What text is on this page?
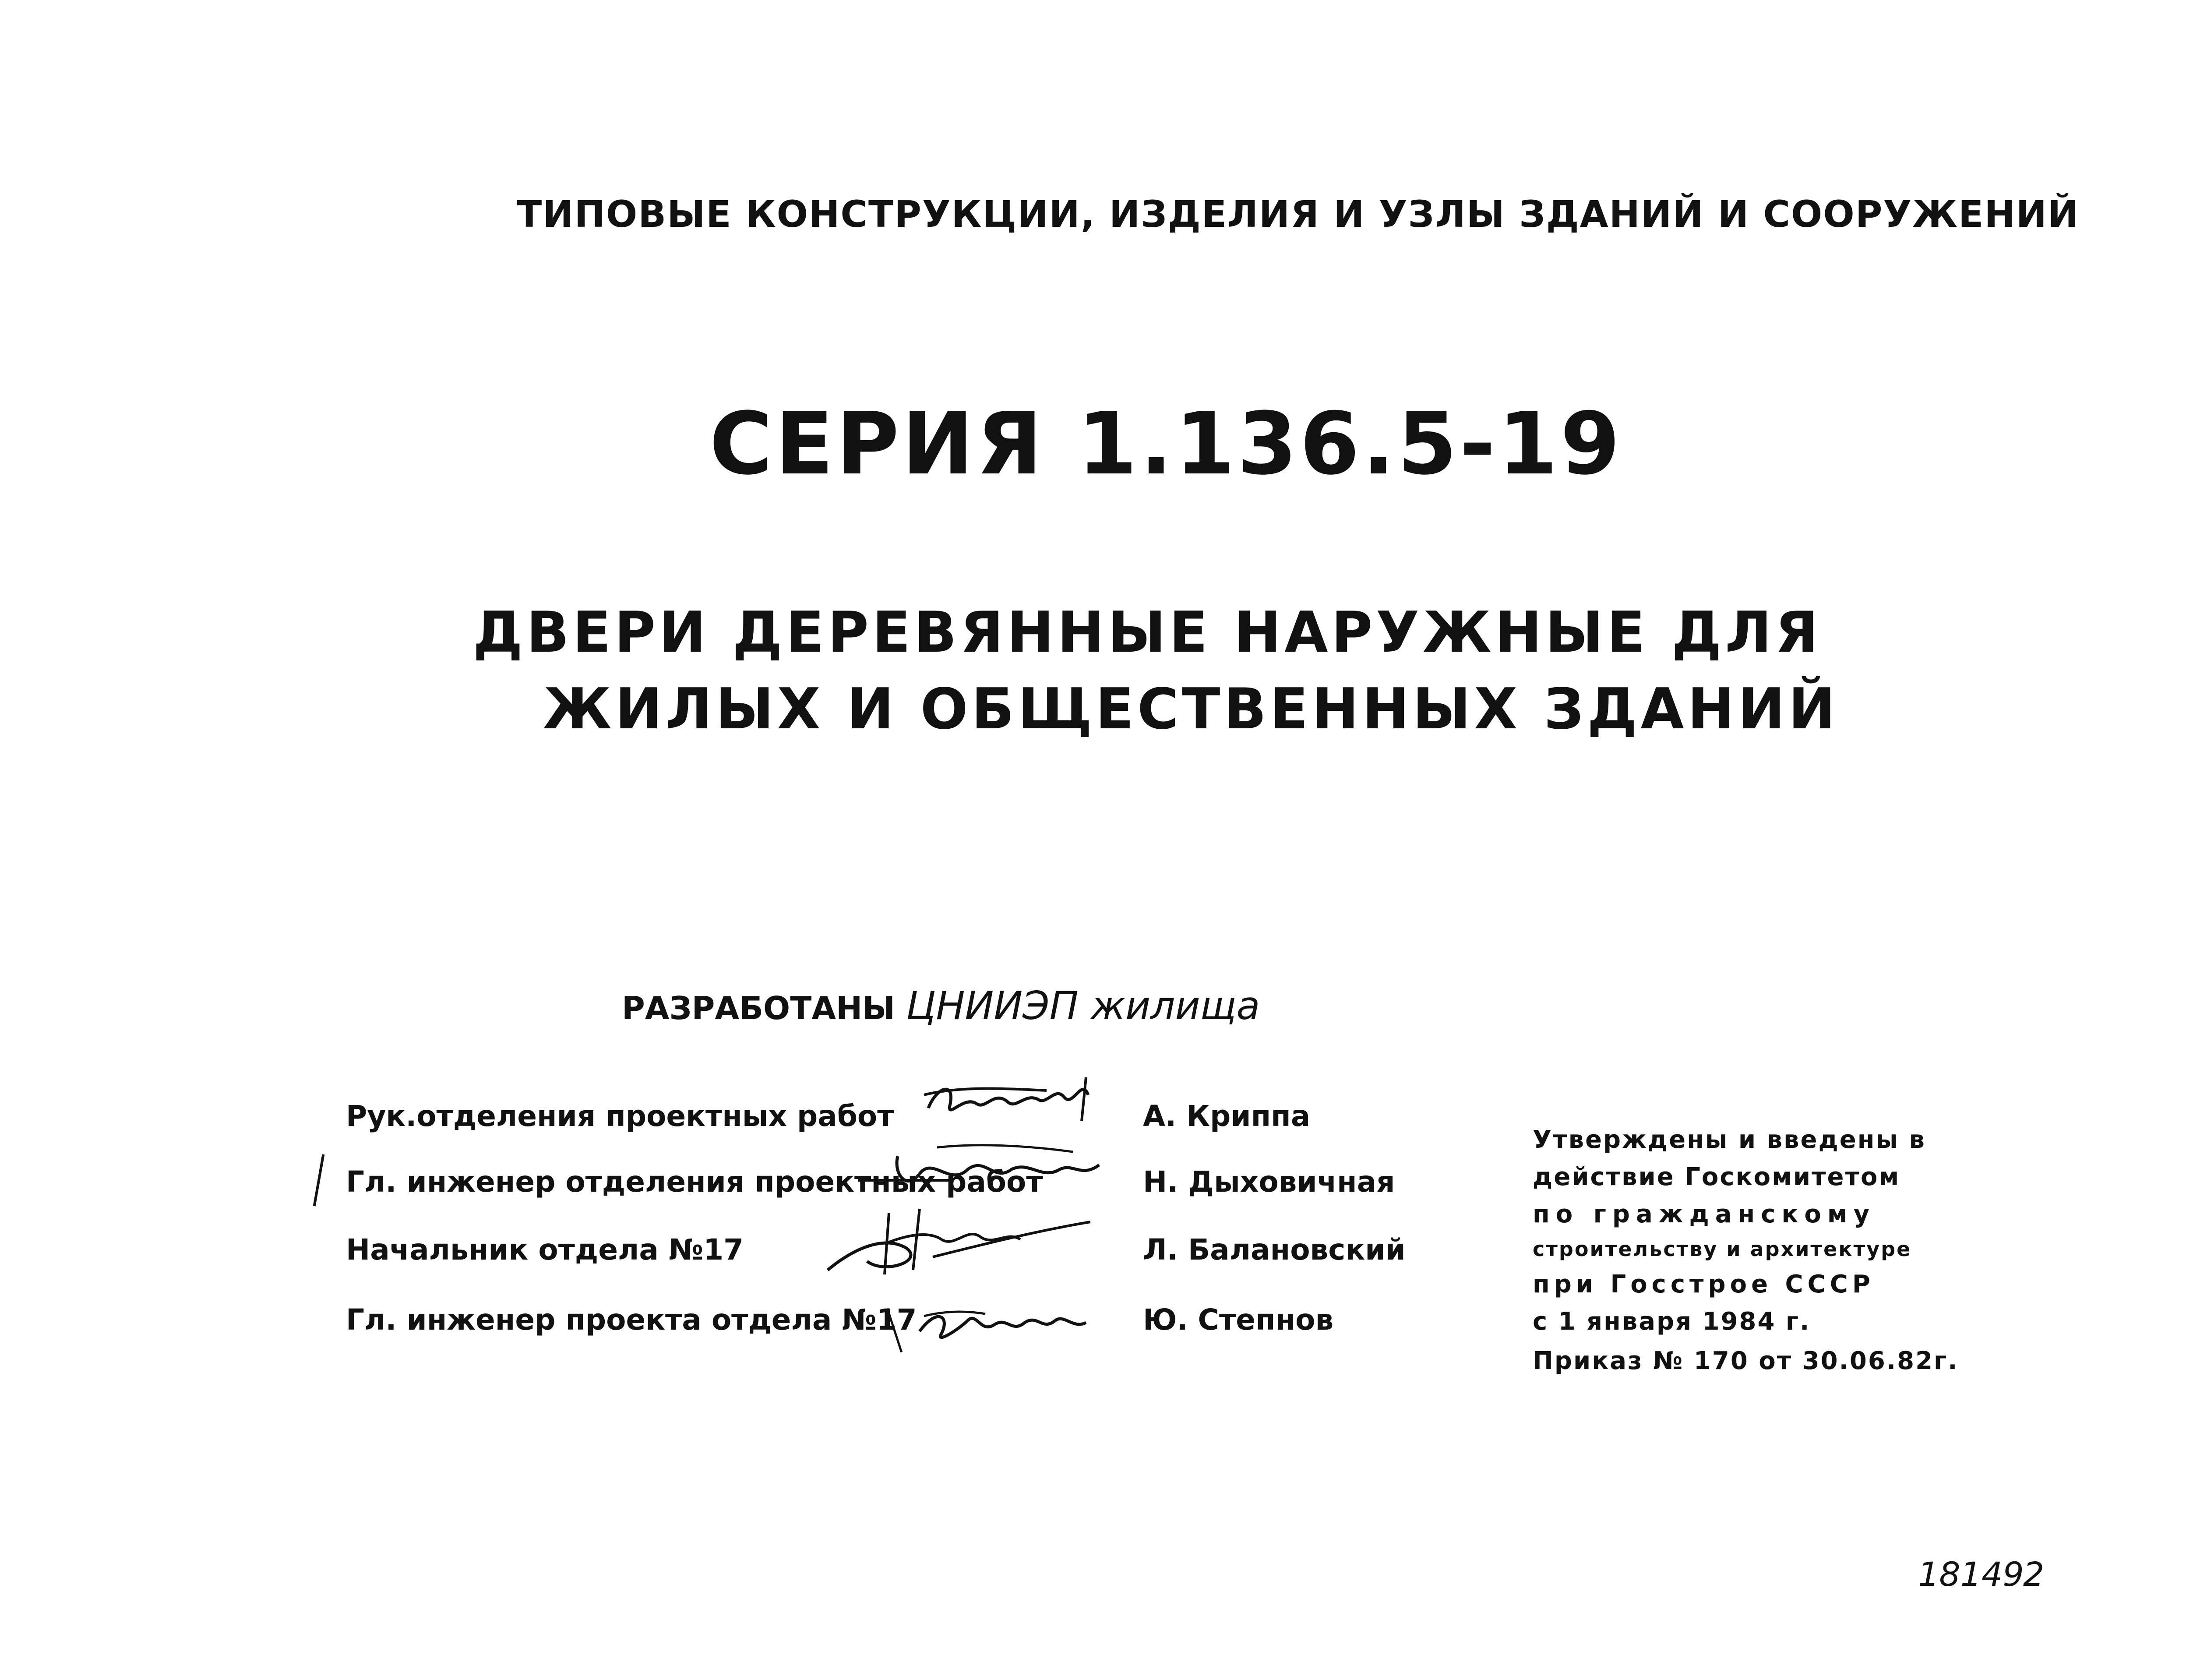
ТИПОВЫЕ КОНСТРУКЦИИ, ИЗДЕЛИЯ И УЗЛЫ ЗДАНИЙ И СООРУЖЕНИЙ
СЕРИЯ 1.136.5-19
ДВЕРИ ДЕРЕВЯННЫЕ НАРУЖНЫЕ ДЛЯ
ЖИЛЫХ И ОБЩЕСТВЕННЫХ ЗДАНИЙ
РАЗРАБОТАНЫ ЦНИИЭП жилища
Рук.отделения проектных работ	А. Криппа
Гл. инженер отделения проектных работ	Н. Дыховичная
Начальник отдела №17	Л. Балановский
Гл. инженер проекта отдела №17	Ю. Степнов
Утверждены и введены в
действие Госкомитетом
по гражданскому
строительству и архитектуре
при Госстрое СССР
с 1 января 1984 г.
Приказ № 170 от 30.06.82г.
18149
2
